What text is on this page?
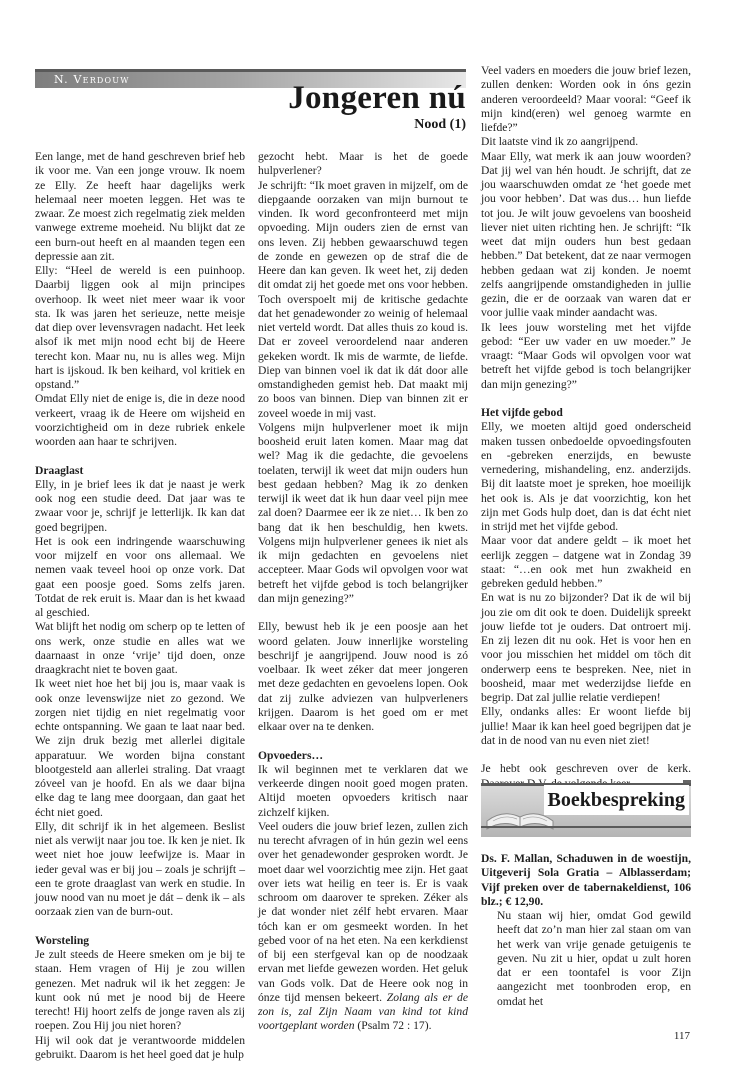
N. Verdouw
Jongeren nú
Nood (1)

Een lange, met de hand geschreven brief heb ik voor me. Van een jonge vrouw. Ik noem ze Elly. Ze heeft haar dagelijks werk helemaal neer moeten leggen. Het was te zwaar. Ze moest zich regelmatig ziek melden vanwege extreme moeheid. Nu blijkt dat ze een burn-out heeft en al maanden tegen een depressie aan zit.

Elly: “Heel de wereld is een puinhoop. Daarbij liggen ook al mijn principes overhoop. Ik weet niet meer waar ik voor sta. Ik was jaren het serieuze, nette meisje dat diep over levensvragen nadacht. Het leek alsof ik met mijn nood echt bij de Heere terecht kon. Maar nu, nu is alles weg. Mijn hart is ijskoud. Ik ben keihard, vol kritiek en opstand.”

Omdat Elly niet de enige is, die in deze nood verkeert, vraag ik de Heere om wijsheid en voorzichtigheid om in deze rubriek enkele woorden aan haar te schrijven.

Draaglast

Elly, in je brief lees ik dat je naast je werk ook nog een studie deed. Dat jaar was te zwaar voor je, schrijf je letterlijk. Ik kan dat goed begrijpen.

Het is ook een indringende waarschuwing voor mijzelf en voor ons allemaal. We nemen vaak teveel hooi op onze vork. Dat gaat een poosje goed. Soms zelfs jaren. Totdat de rek eruit is. Maar dan is het kwaad al geschied.

Wat blijft het nodig om scherp op te letten of ons werk, onze studie en alles wat we daarnaast in onze ‘vrije’ tijd doen, onze draagkracht niet te boven gaat.

Ik weet niet hoe het bij jou is, maar vaak is ook onze levenswijze niet zo gezond. We zorgen niet tijdig en niet regelmatig voor echte ontspanning. We gaan te laat naar bed. We zijn druk bezig met allerlei digitale apparatuur. We worden bijna constant blootgesteld aan allerlei straling. Dat vraagt zóveel van je hoofd. En als we daar bijna elke dag te lang mee doorgaan, dan gaat het écht niet goed.

Elly, dit schrijf ik in het algemeen. Beslist niet als verwijt naar jou toe. Ik ken je niet. Ik weet niet hoe jouw leefwijze is. Maar in ieder geval was er bij jou – zoals je schrijft – een te grote draaglast van werk en studie. In jouw nood van nu moet je dát – denk ik – als oorzaak zien van de burn-out.

Worsteling

Je zult steeds de Heere smeken om je bij te staan. Hem vragen of Hij je zou willen genezen. Met nadruk wil ik het zeggen: Je kunt ook nú met je nood bij de Heere terecht! Hij hoort zelfs de jonge raven als zij roepen. Zou Hij jou niet horen?

Hij wil ook dat je verantwoorde middelen gebruikt. Daarom is het heel goed dat je hulp

gezocht hebt. Maar is het de goede hulpverlener?

Je schrijft: “Ik moet graven in mijzelf, om de diepgaande oorzaken van mijn burnout te vinden. Ik word geconfronteerd met mijn opvoeding. Mijn ouders zien de ernst van ons leven. Zij hebben gewaarschuwd tegen de zonde en gewezen op de straf die de Heere dan kan geven. Ik weet het, zij deden dit omdat zij het goede met ons voor hebben. Toch overspoelt mij de kritische gedachte dat het genadewonder zo weinig of helemaal niet verteld wordt. Dat alles thuis zo koud is. Dat er zoveel veroordelend naar anderen gekeken wordt. Ik mis de warmte, de liefde. Diep van binnen voel ik dat ik dát door alle omstandigheden gemist heb. Dat maakt mij zo boos van binnen. Diep van binnen zit er zoveel woede in mij vast.

Volgens mijn hulpverlener moet ik mijn boosheid eruit laten komen. Maar mag dat wel? Mag ik die gedachte, die gevoelens toelaten, terwijl ik weet dat mijn ouders hun best gedaan hebben? Mag ik zo denken terwijl ik weet dat ik hun daar veel pijn mee zal doen? Daarmee eer ik ze niet… Ik ben zo bang dat ik hen beschuldig, hen kwets. Volgens mijn hulpverlener genees ik niet als ik mijn gedachten en gevoelens niet accepteer. Maar Gods wil opvolgen voor wat betreft het vijfde gebod is toch belangrijker dan mijn genezing?”

Elly, bewust heb ik je een poosje aan het woord gelaten. Jouw innerlijke worsteling beschrijf je aangrijpend. Jouw nood is zó voelbaar. Ik weet zéker dat meer jongeren met deze gedachten en gevoelens lopen. Ook dat zij zulke adviezen van hulpverleners krijgen. Daarom is het goed om er met elkaar over na te denken.

Opvoeders…

Ik wil beginnen met te verklaren dat we verkeerde dingen nooit goed mogen praten. Altijd moeten opvoeders kritisch naar zichzelf kijken.

Veel ouders die jouw brief lezen, zullen zich nu terecht afvragen of in hún gezin wel eens over het genadewonder gesproken wordt. Je moet daar wel voorzichtig mee zijn. Het gaat over iets wat heilig en teer is. Er is vaak schroom om daarover te spreken. Zéker als je dat wonder niet zélf hebt ervaren. Maar tóch kan er om gesmeekt worden. In het gebed voor of na het eten. Na een kerkdienst of bij een sterfgeval kan op de noodzaak ervan met liefde gewezen worden. Het geluk van Gods volk. Dat de Heere ook nog in ónze tijd mensen bekeert. Zolang als er de zon is, zal Zijn Naam van kind tot kind voortgeplant worden (Psalm 72 : 17).

Veel vaders en moeders die jouw brief lezen, zullen denken: Worden ook in óns gezin anderen veroordeeld? Maar vooral: “Geef ik mijn kind(eren) wel genoeg warmte en liefde?”

Dit laatste vind ik zo aangrijpend.

Maar Elly, wat merk ik aan jouw woorden? Dat jij wel van hén houdt. Je schrijft, dat ze jou waarschuwden omdat ze ‘het goede met jou voor hebben’. Dat was dus… hun liefde tot jou. Je wilt jouw gevoelens van boosheid liever niet uiten richting hen. Je schrijft: “Ik weet dat mijn ouders hun best gedaan hebben.” Dat betekent, dat ze naar vermogen hebben gedaan wat zij konden. Je noemt zelfs aangrijpende omstandigheden in jullie gezin, die er de oorzaak van waren dat er voor jullie vaak minder aandacht was.

Ik lees jouw worsteling met het vijfde gebod: “Eer uw vader en uw moeder.” Je vraagt: “Maar Gods wil opvolgen voor wat betreft het vijfde gebod is toch belangrijker dan mijn genezing?”

Het vijfde gebod

Elly, we moeten altijd goed onderscheid maken tussen onbedoelde opvoedingsfouten en -gebreken enerzijds, en bewuste vernedering, mishandeling, enz. anderzijds. Bij dit laatste moet je spreken, hoe moeilijk het ook is. Als je dat voorzichtig, kon het zijn met Gods hulp doet, dan is dat écht niet in strijd met het vijfde gebod.

Maar voor dat andere geldt – ik moet het eerlijk zeggen – datgene wat in Zondag 39 staat: “…en ook met hun zwakheid en gebreken geduld hebben.”

En wat is nu zo bijzonder? Dat ik de wil bij jou zie om dit ook te doen. Duidelijk spreekt jouw liefde tot je ouders. Dat ontroert mij. En zij lezen dit nu ook. Het is voor hen en voor jou misschien het middel om töch dit onderwerp eens te bespreken. Nee, niet in boosheid, maar met wederzijdse liefde en begrip. Dat zal jullie relatie verdiepen!

Elly, ondanks alles: Er woont liefde bij jullie! Maar ik kan heel goed begrijpen dat je dat in de nood van nu even niet ziet!

Je hebt ook geschreven over de kerk.

Boekbespreking

Ds. F. Mallan, Schaduwen in de woestijn, Uitgeverij Sola Gratia – Alblasserdam; Vijf preken over de tabernakeldienst, 106 blz.; € 12,90.

Nu staan wij hier, omdat God gewild heeft dat zo’n man hier zal staan om van het werk van vrije genade getuigenis te geven. Nu zit u hier, opdat u zult horen dat er een toontafel is voor Zijn aangezicht met toonbroden erop, en omdat het

117
